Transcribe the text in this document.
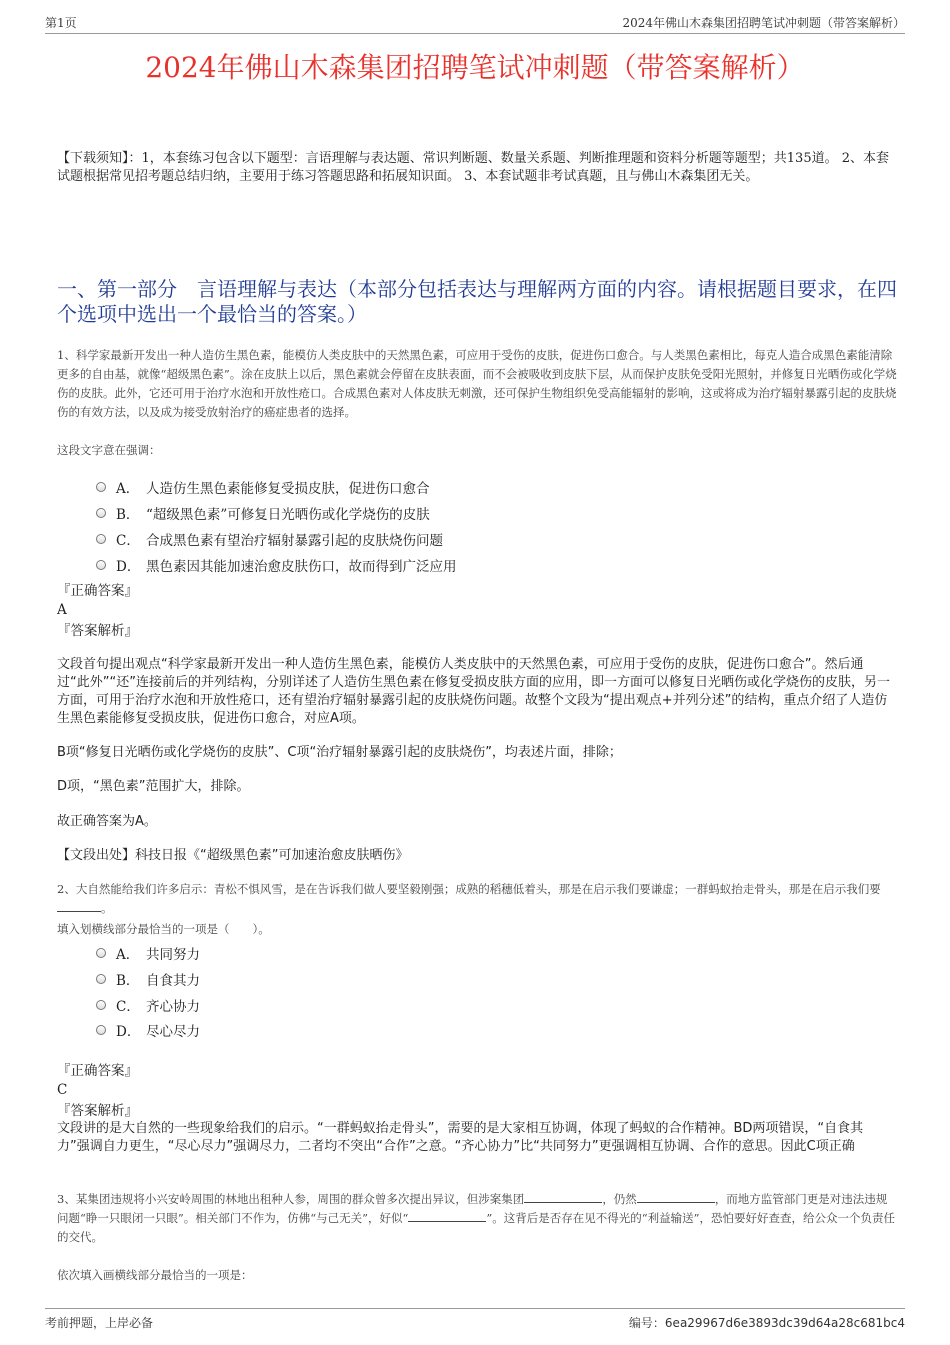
第1页	2024年佛山木森集团招聘笔试冲刺题（带答案解析）
2024年佛山木森集团招聘笔试冲刺题（带答案解析）
【下载须知】：1，本套练习包含以下题型：言语理解与表达题、常识判断题、数量关系题、判断推理题和资料分析题等题型；共135道。 2、本套试题根据常见招考题总结归纳，主要用于练习答题思路和拓展知识面。 3、本套试题非考试真题，且与佛山木森集团无关。
一、第一部分　言语理解与表达（本部分包括表达与理解两方面的内容。请根据题目要求，在四个选项中选出一个最恰当的答案。）
1、科学家最新开发出一种人造仿生黑色素，能模仿人类皮肤中的天然黑色素，可应用于受伤的皮肤，促进伤口愈合。与人类黑色素相比，每克人造合成黑色素能清除更多的自由基，就像“超级黑色素”。涂在皮肤上以后，黑色素就会停留在皮肤表面，而不会被吸收到皮肤下层，从而保护皮肤免受阳光照射，并修复日光晒伤或化学烧伤的皮肤。此外，它还可用于治疗水泡和开放性疮口。合成黑色素对人体皮肤无刺激，还可保护生物组织免受高能辐射的影响，这或将成为治疗辐射暴露引起的皮肤烧伤的有效方法，以及成为接受放射治疗的癌症患者的选择。
这段文字意在强调：
A． 人造仿生黑色素能修复受损皮肤，促进伤口愈合
B． “超级黑色素”可修复日光晒伤或化学烧伤的皮肤
C． 合成黑色素有望治疗辐射暴露引起的皮肤烧伤问题
D． 黑色素因其能加速治愈皮肤伤口，故而得到广泛应用
『正确答案』
A
『答案解析』
文段首句提出观点“科学家最新开发出一种人造仿生黑色素，能模仿人类皮肤中的天然黑色素，可应用于受伤的皮肤，促进伤口愈合”。然后通过“此外”“还”连接前后的并列结构，分别详述了人造仿生黑色素在修复受损皮肤方面的应用，即一方面可以修复日光晒伤或化学烧伤的皮肤，另一方面，可用于治疗水泡和开放性疮口，还有望治疗辐射暴露引起的皮肤烧伤问题。故整个文段为“提出观点+并列分述”的结构，重点介绍了人造仿生黑色素能修复受损皮肤，促进伤口愈合，对应A项。
B项“修复日光晒伤或化学烧伤的皮肤”、C项“治疗辐射暴露引起的皮肤烧伤”，均表述片面，排除；
D项，“黑色素”范围扩大，排除。
故正确答案为A。
【文段出处】科技日报《“超级黑色素”可加速治愈皮肤晒伤》
2、大自然能给我们许多启示：青松不惧风雪，是在告诉我们做人要坚毅刚强；成熟的稻穗低着头，那是在启示我们要谦虚；一群蚂蚁抬走骨头，那是在启示我们要。
填入划横线部分最恰当的一项是（　　）。
A． 共同努力
B． 自食其力
C． 齐心协力
D． 尽心尽力
『正确答案』
C
『答案解析』
文段讲的是大自然的一些现象给我们的启示。“一群蚂蚁抬走骨头”，需要的是大家相互协调，体现了蚂蚁的合作精神。BD两项错误，“自食其力”强调自力更生，“尽心尽力”强调尽力，二者均不突出“合作”之意。“齐心协力”比“共同努力”更强调相互协调、合作的意思。因此C项正确
3、某集团违规将小兴安岭周围的林地出租种人参，周围的群众曾多次提出异议，但涉案集团	，仍然	，而地方监管部门更是对违法违规问题“睁一只眼闭一只眼”。相关部门不作为，仿佛“与己无关”，好似“	”。这背后是否存在见不得光的“利益输送”，恐怕要好好查查，给公众一个负责任的交代。
依次填入画横线部分最恰当的一项是：
考前押题，上岸必备	编号：6ea29967d6e3893dc39d64a28c681bc4
